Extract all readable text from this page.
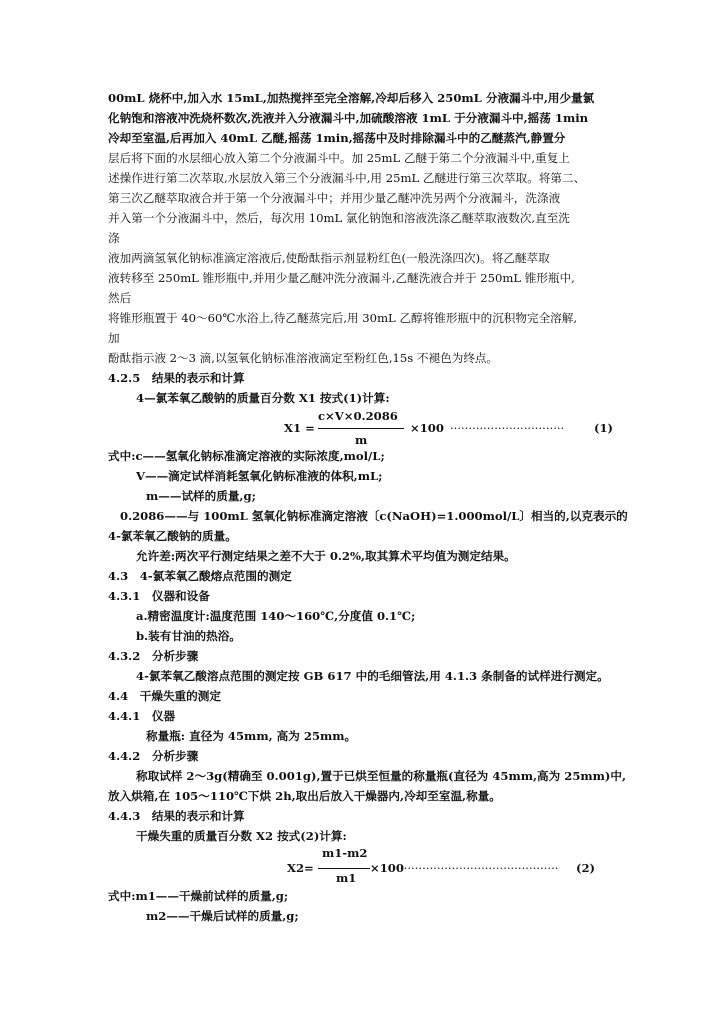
00mL 烧杯中,加入水 15mL,加热搅拌至完全溶解,冷却后移入 250mL 分液漏斗中,用少量氯
化钠饱和溶液冲洗烧杯数次,洗液并入分液漏斗中,加硫酸溶液 1mL 于分液漏斗中,摇荡 1min
冷却至室温,后再加入 40mL 乙醚,摇荡 1min,摇荡中及时排除漏斗中的乙醚蒸汽,静置分
层后将下面的水层细心放入第二个分液漏斗中。加 25mL 乙醚于第二个分液漏斗中,重复上
述操作进行第二次萃取,水层放入第三个分液漏斗中,用 25mL 乙醚进行第三次萃取。将第二、
第三次乙醚萃取液合并于第一个分液漏斗中；并用少量乙醚冲洗另两个分液漏斗，洗涤液
并入第一个分液漏斗中，然后，每次用 10mL 氯化钠饱和溶液洗涤乙醚萃取液数次,直至洗
涤
液加两滴氢氧化钠标准滴定溶液后,使酚酞指示剂显粉红色(一般洗涤四次)。将乙醚萃取
液转移至 250mL 锥形瓶中,并用少量乙醚冲洗分液漏斗,乙醚洗液合并于 250mL 锥形瓶中,
然后
将锥形瓶置于 40～60℃水浴上,待乙醚蒸完后,用 30mL 乙醇将锥形瓶中的沉积物完全溶解,
加
酚酞指示液 2～3 滴,以氢氧化钠标准溶液滴定至粉红色,15s 不褪色为终点。
4.2.5　结果的表示和计算
4—氯苯氧乙酸钠的质量百分数 X1 按式(1)计算:
c×V×0.2086
X1 =	×100 ·······························	(1)
m
式中:c——氢氧化钠标准滴定溶液的实际浓度,mol/L;
V——滴定试样消耗氢氧化钠标准液的体积,mL;
m——试样的质量,g;
0.2086——与 100mL 氢氧化钠标准滴定溶液〔c(NaOH)=1.000mol/L〕相当的,以克表示的
4-氯苯氧乙酸钠的质量。
允许差:两次平行测定结果之差不大于 0.2%,取其算术平均值为测定结果。
4.3　4-氯苯氧乙酸熔点范围的测定
4.3.1　仪器和设备
a.精密温度计:温度范围 140～160℃,分度值 0.1℃;
b.装有甘油的热浴。
4.3.2　分析步骤
4-氯苯氧乙酸溶点范围的测定按 GB 617 中的毛细管法,用 4.1.3 条制备的试样进行测定。
4.4　干燥失重的测定
4.4.1　仪器
称量瓶: 直径为 45mm, 高为 25mm。
4.4.2　分析步骤
称取试样 2～3g(精确至 0.001g),置于已烘至恒量的称量瓶(直径为 45mm,高为 25mm)中,
放入烘箱,在 105～110℃下烘 2h,取出后放入干燥器内,冷却至室温,称量。
4.4.3　结果的表示和计算
干燥失重的质量百分数 X2 按式(2)计算:
m1-m2
X2=	×100
··········································· (2)
m1
式中:m1——干燥前试样的质量,g;
m2——干燥后试样的质量,g;
